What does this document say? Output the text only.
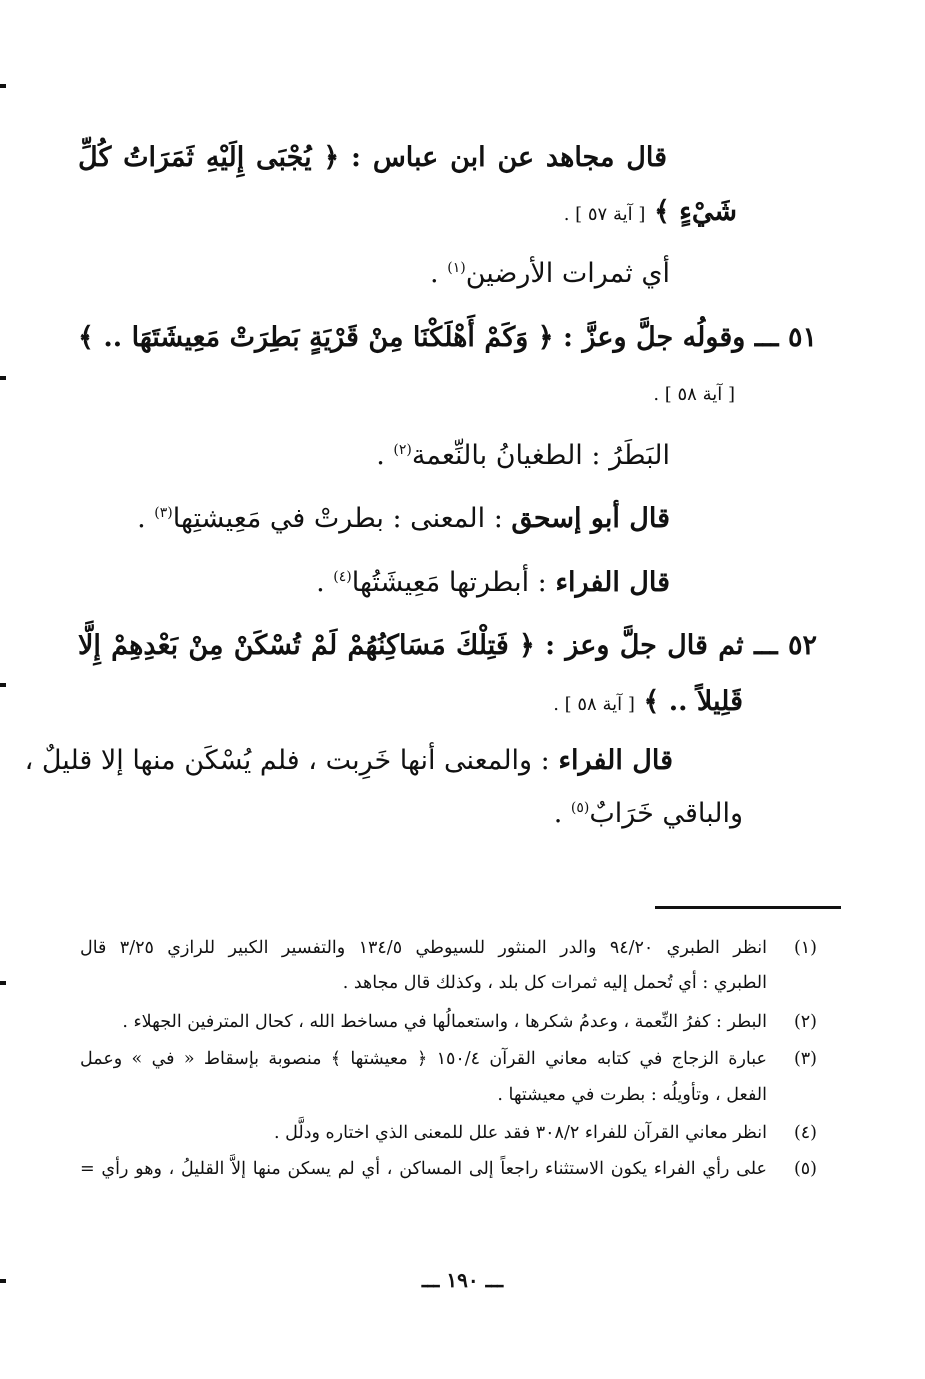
قال مجاهد عن ابن عباس : ﴿ يُجْبَى إِلَيْهِ ثَمَرَاتُ كُلِّ
شَيْءٍ ﴾ [ آية ٥٧ ] .
أي ثمرات الأرضين$^{(١)}$ .
٥١ ـــ وقولُه جلَّ وعزَّ : ﴿ وَكَمْ أَهْلَكْنَا مِنْ قَرْيَةٍ بَطِرَتْ مَعِيشَتَهَا .. ﴾
[ آية ٥٨ ] .
البَطَرُ : الطغيانُ بالنِّعمة$^{(٢)}$ .
قال أبو إسحق : المعنى : بطرتْ في مَعِيشتِها$^{(٣)}$ .
قال الفراء : أبطرتها مَعِيشَتُها$^{(٤)}$ .
٥٢ ـــ ثم قال جلَّ وعز : ﴿ فَتِلْكَ مَسَاكِنُهُمْ لَمْ تُسْكَنْ مِنْ بَعْدِهِمْ إِلَّا
قَلِيلاً .. ﴾ [ آية ٥٨ ] .
قال الفراء : والمعنى أنها خَرِبت ، فلم يُسْكَن منها إلا قليلٌ ،
والباقي خَرَابٌ$^{(٥)}$ .
(١)
انظر الطبري ٩٤/٢٠ والدر المنثور للسيوطي ١٣٤/٥ والتفسير الكبير للرازي ٣/٢٥ قال
الطبري : أي تُحمل إليه ثمرات كل بلد ، وكذلك قال مجاهد .
(٢)
البطر : كفرُ النِّعمة ، وعدمُ شكرها ، واستعمالُها في مساخط الله ، كحال المترفين الجهلاء .
(٣)
عبارة الزجاج في كتابه معاني القرآن ١٥٠/٤ ﴿ معيشتها ﴾ منصوبة بإسقاط « في » وعمل
الفعل ، وتأويلُه : بطرت في معيشتها .
(٤)
انظر معاني القرآن للفراء ٣٠٨/٢ فقد علل للمعنى الذي اختاره ودلَّل .
(٥)
على رأي الفراء يكون الاستثناء راجعاً إلى المساكن ، أي لم يسكن منها إلاَّ القليلُ ، وهو رأي =
ـــ ١٩٠ ـــ
